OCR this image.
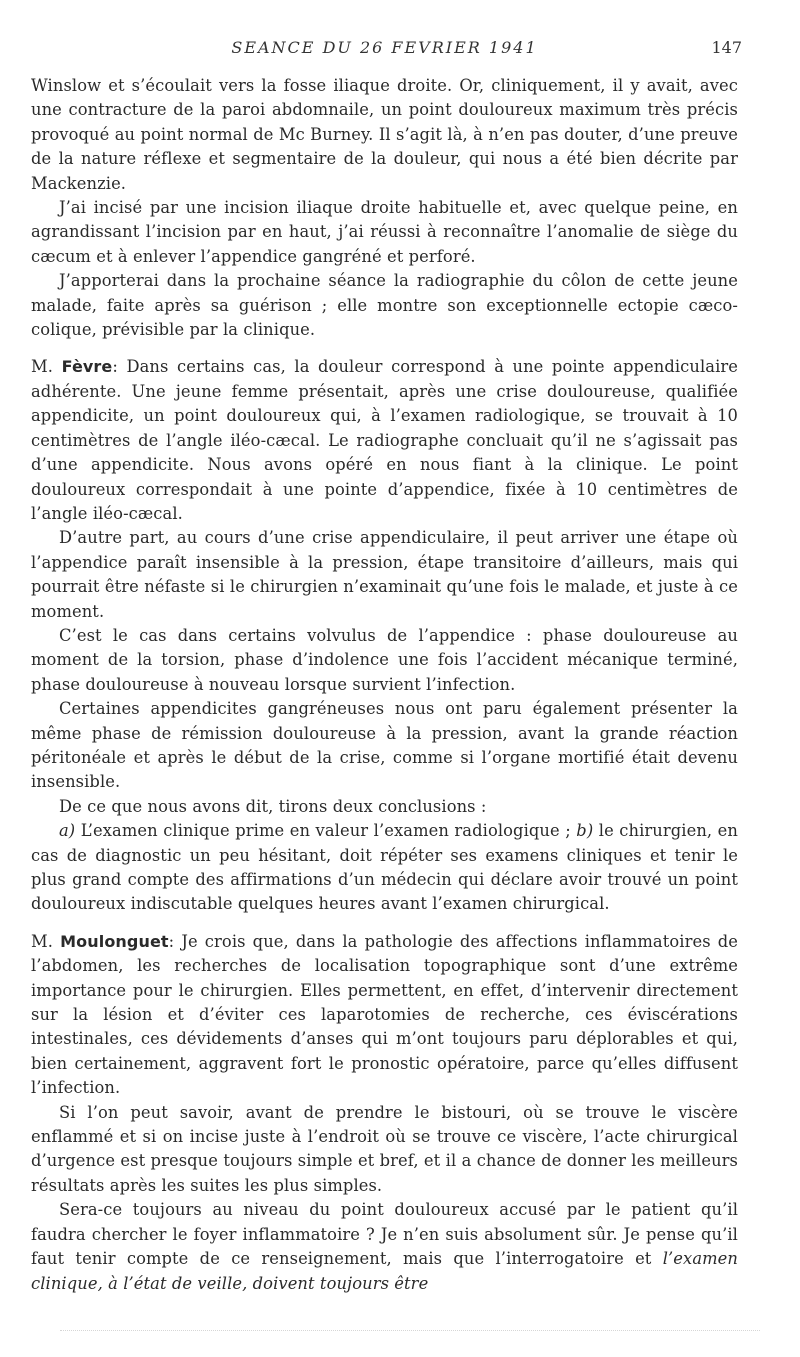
SEANCE DU 26 FEVRIER 1941	147

Winslow et s’écoulait vers la fosse iliaque droite. Or, cliniquement, il y avait, avec une contracture de la paroi abdomnaile, un point douloureux maximum très précis provoqué au point normal de Mc Burney. Il s’agit là, à n’en pas douter, d’une preuve de la nature réflexe et segmentaire de la douleur, qui nous a été bien décrite par Mackenzie.

J’ai incisé par une incision iliaque droite habituelle et, avec quelque peine, en agrandissant l’incision par en haut, j’ai réussi à reconnaître l’anomalie de siège du cæcum et à enlever l’appendice gangréné et perforé.

J’apporterai dans la prochaine séance la radiographie du côlon de cette jeune malade, faite après sa guérison ; elle montre son exceptionnelle ectopie cæco-colique, prévisible par la clinique.

M. Fèvre: Dans certains cas, la douleur correspond à une pointe appendiculaire adhérente. Une jeune femme présentait, après une crise douloureuse, qualifiée appendicite, un point douloureux qui, à l’examen radiologique, se trouvait à 10 centimètres de l’angle iléo-cæcal. Le radiographe concluait qu’il ne s’agissait pas d’une appendicite. Nous avons opéré en nous fiant à la clinique. Le point douloureux correspondait à une pointe d’appendice, fixée à 10 centimètres de l’angle iléo-cæcal.

D’autre part, au cours d’une crise appendiculaire, il peut arriver une étape où l’appendice paraît insensible à la pression, étape transitoire d’ailleurs, mais qui pourrait être néfaste si le chirurgien n’examinait qu’une fois le malade, et juste à ce moment.

C’est le cas dans certains volvulus de l’appendice : phase douloureuse au moment de la torsion, phase d’indolence une fois l’accident mécanique terminé, phase douloureuse à nouveau lorsque survient l’infection.

Certaines appendicites gangréneuses nous ont paru également présenter la même phase de rémission douloureuse à la pression, avant la grande réaction péritonéale et après le début de la crise, comme si l’organe mortifié était devenu insensible.

De ce que nous avons dit, tirons deux conclusions :

a) L’examen clinique prime en valeur l’examen radiologique ; b) le chirurgien, en cas de diagnostic un peu hésitant, doit répéter ses examens cliniques et tenir le plus grand compte des affirmations d’un médecin qui déclare avoir trouvé un point douloureux indiscutable quelques heures avant l’examen chirurgical.

M. Moulonguet: Je crois que, dans la pathologie des affections inflammatoires de l’abdomen, les recherches de localisation topographique sont d’une extrême importance pour le chirurgien. Elles permettent, en effet, d’intervenir directement sur la lésion et d’éviter ces laparotomies de recherche, ces éviscérations intestinales, ces dévidements d’anses qui m’ont toujours paru déplorables et qui, bien certainement, aggravent fort le pronostic opératoire, parce qu’elles diffusent l’infection.

Si l’on peut savoir, avant de prendre le bistouri, où se trouve le viscère enflammé et si on incise juste à l’endroit où se trouve ce viscère, l’acte chirurgical d’urgence est presque toujours simple et bref, et il a chance de donner les meilleurs résultats après les suites les plus simples.

Sera-ce toujours au niveau du point douloureux accusé par le patient qu’il faudra chercher le foyer inflammatoire ? Je n’en suis absolument sûr. Je pense qu’il faut tenir compte de ce renseignement, mais que l’interrogatoire et l’examen clinique, à l’état de veille, doivent toujours être
